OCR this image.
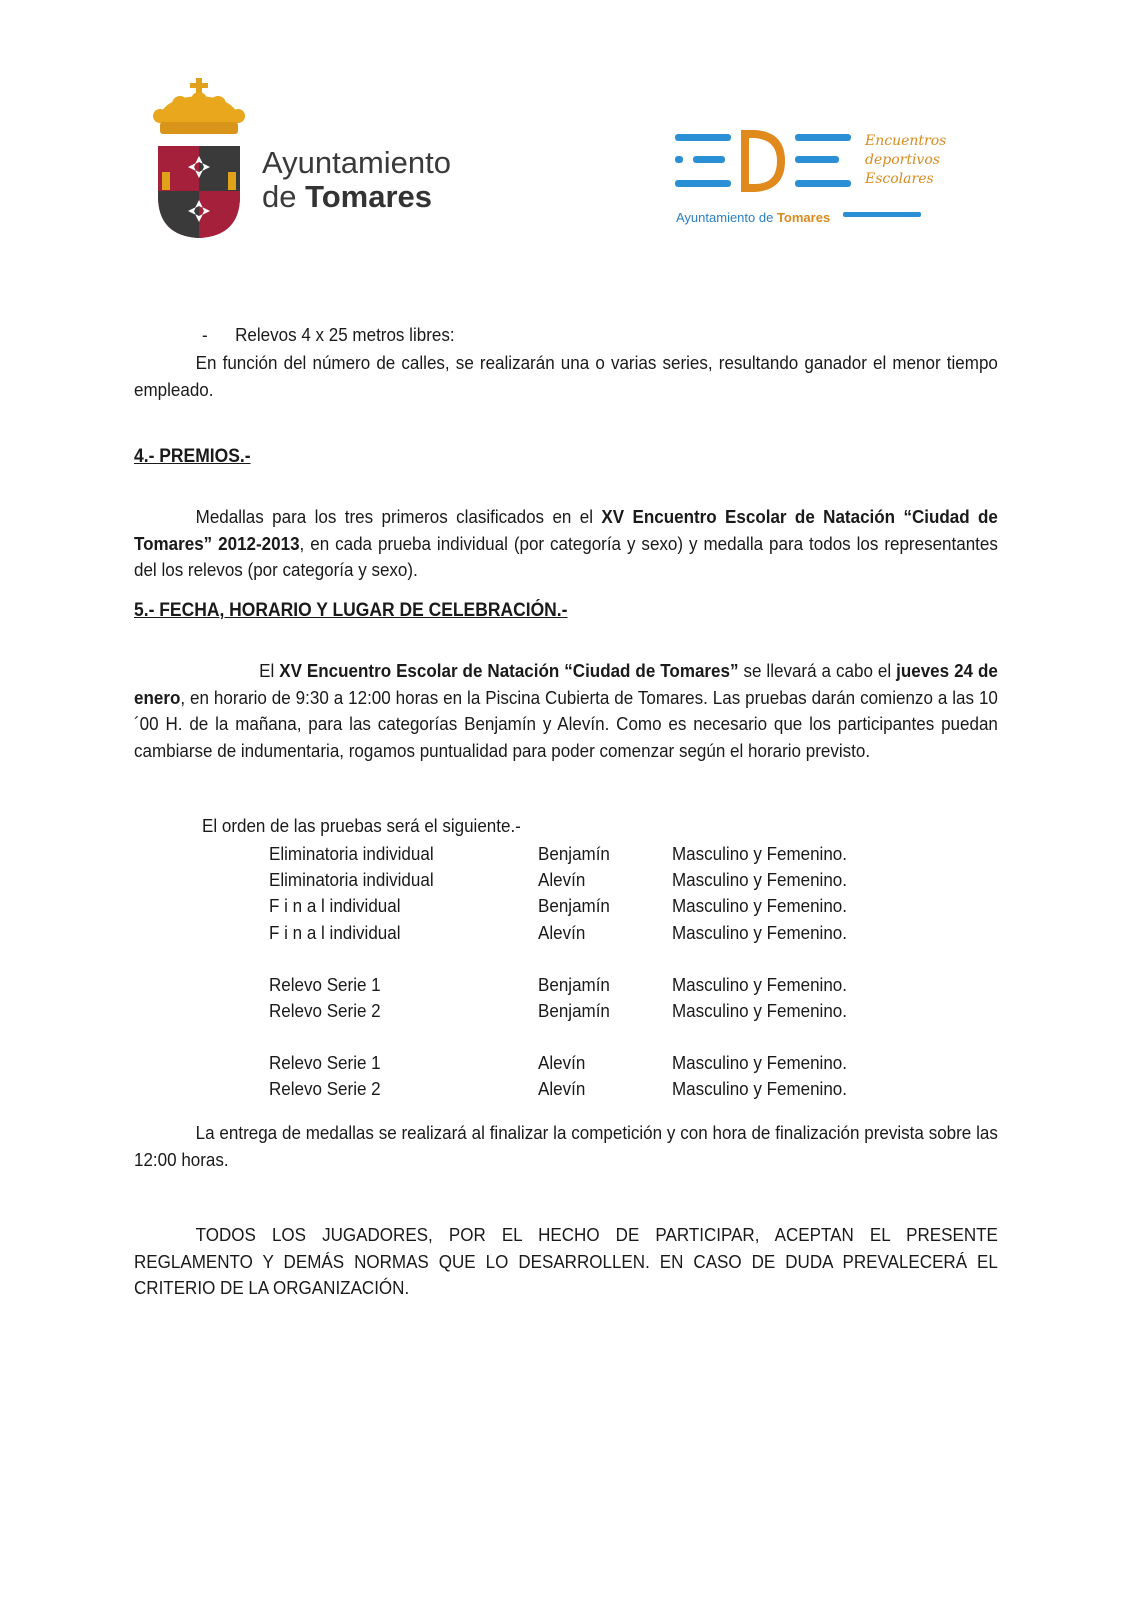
Ayuntamiento
de Tomares
Encuentros
deportivos
Escolares
Ayuntamiento de Tomares
- Relevos 4 x 25 metros libres:
En función del número de calles, se realizarán una o varias series, resultando ganador el menor tiempo empleado.
4.- PREMIOS.-
Medallas para los tres primeros clasificados en el XV Encuentro Escolar de Natación “Ciudad de Tomares” 2012-2013, en cada prueba individual (por categoría y sexo) y medalla para todos los representantes del los relevos (por categoría y sexo).
5.- FECHA, HORARIO Y LUGAR DE CELEBRACIÓN.-
El XV Encuentro Escolar de Natación “Ciudad de Tomares” se llevará a cabo el jueves 24 de enero, en horario de 9:30 a 12:00 horas en la Piscina Cubierta de Tomares. Las pruebas darán comienzo a las 10´00 H. de la mañana, para las categorías Benjamín y Alevín. Como es necesario que los participantes puedan cambiarse de indumentaria, rogamos puntualidad para poder comenzar según el horario previsto.
El orden de las pruebas será el siguiente.-
Eliminatoria individual	Benjamín	Masculino y Femenino.
Eliminatoria individual	Alevín	Masculino y Femenino.
F i n a l individual	Benjamín	Masculino y Femenino.
F i n a l individual	Alevín	Masculino y Femenino.
Relevo Serie 1	Benjamín	Masculino y Femenino.
Relevo Serie 2	Benjamín	Masculino y Femenino.
Relevo Serie 1	Alevín	Masculino y Femenino.
Relevo Serie 2	Alevín	Masculino y Femenino.
La entrega de medallas se realizará al finalizar la competición y con hora de finalización prevista sobre las 12:00 horas.
TODOS LOS JUGADORES, POR EL HECHO DE PARTICIPAR, ACEPTAN EL PRESENTE REGLAMENTO Y DEMÁS NORMAS QUE LO DESARROLLEN. EN CASO DE DUDA PREVALECERÁ EL CRITERIO DE LA ORGANIZACIÓN.
